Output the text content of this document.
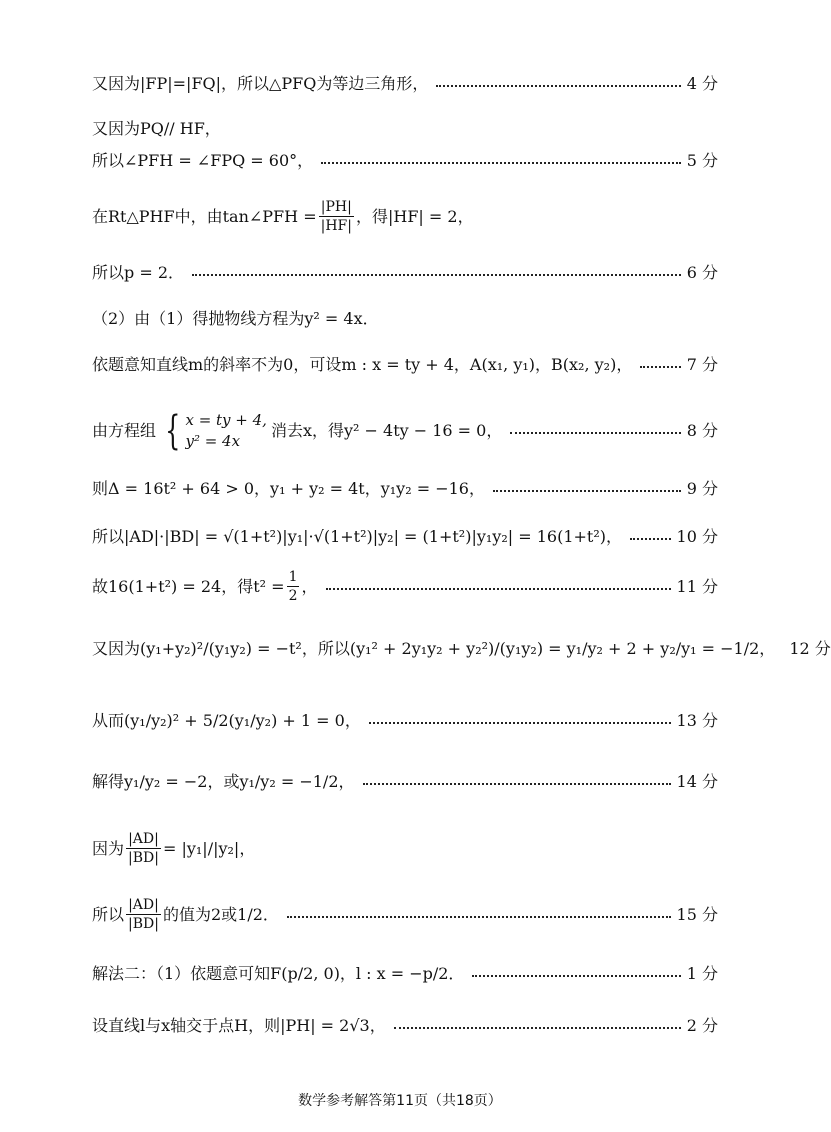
又因为|FP|=|FQ|，所以△PFQ为等边三角形，	4 分
又因为PQ// HF，
所以∠PFH = ∠FPQ = 60°，	5 分
在Rt△PHF中，由tan∠PFH = $\frac{|PH|}{|HF|}$ ，得|HF| = 2，
所以p = 2．	6 分
（2）由（1）得抛物线方程为y² = 4x．
依题意知直线m的斜率不为0，可设m : x = ty + 4，A(x₁, y₁)，B(x₂, y₂)，	7 分
由方程组 { x = ty + 4,
y² = 4x
消去x，得y² − 4ty − 16 = 0，	8 分
则Δ = 16t² + 64 > 0，y₁ + y₂ = 4t，y₁y₂ = −16，	9 分
所以|AD|·|BD| = √(1+t²)|y₁|·√(1+t²)|y₂| = (1+t²)|y₁y₂| = 16(1+t²)，	10 分
故16(1+t²) = 24，得$t^2 = \frac{1}{2}$ ，	11 分
又因为(y₁+y₂)²/(y₁y₂) = −t²，所以(y₁² + 2y₁y₂ + y₂²)/(y₁y₂) = y₁/y₂ + 2 + y₂/y₁ = −1/2， 12 分
从而(y₁/y₂)² + 5/2(y₁/y₂) + 1 = 0，	13 分
解得y₁/y₂ = −2，或y₁/y₂ = −1/2，	14 分
因为 $\frac{|AD|}{|BD|} = |y_1|/|y_2|$，
所以 $\frac{|AD|}{|BD|}$ 的值为2或1/2．	15 分
解法二：（1）依题意可知F(p/2, 0)，l : x = −p/2．	1 分
设直线l与x轴交于点H，则|PH| = 2√3，	2 分
数学参考解答第11页（共18页）
